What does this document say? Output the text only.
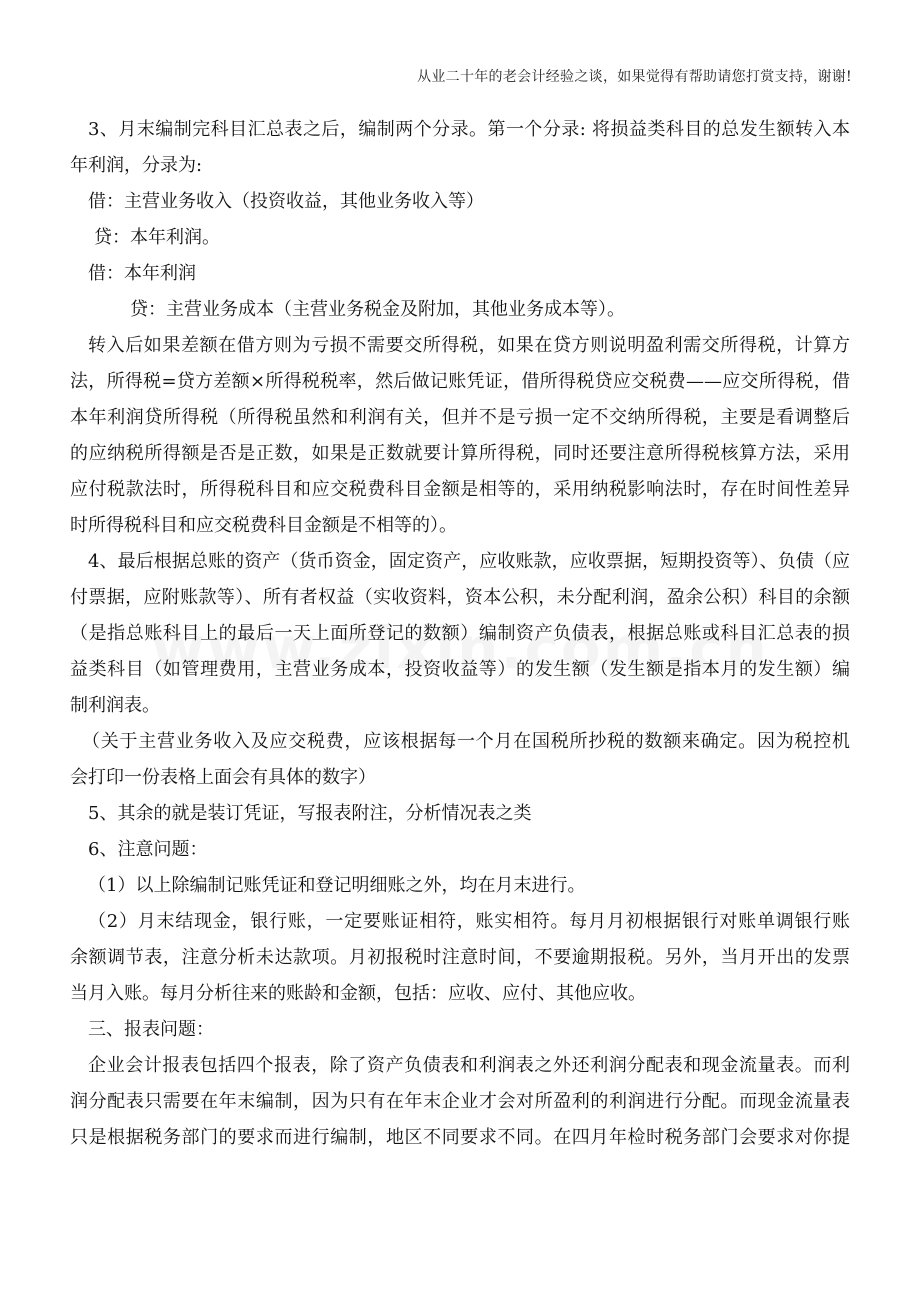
从业二十年的老会计经验之谈，如果觉得有帮助请您打赏支持，谢谢!
3、月末编制完科目汇总表之后，编制两个分录。第一个分录: 将损益类科目的总发生额转入本
年利润，分录为:
借：主营业务收入（投资收益，其他业务收入等）
贷：本年利润。
借：本年利润
贷：主营业务成本（主营业务税金及附加，其他业务成本等）。
转入后如果差额在借方则为亏损不需要交所得税，如果在贷方则说明盈利需交所得税，计算方
法，所得税=贷方差额×所得税税率，然后做记账凭证，借所得税贷应交税费——应交所得税，借
本年利润贷所得税（所得税虽然和利润有关，但并不是亏损一定不交纳所得税，主要是看调整后
的应纳税所得额是否是正数，如果是正数就要计算所得税，同时还要注意所得税核算方法，采用
应付税款法时，所得税科目和应交税费科目金额是相等的，采用纳税影响法时，存在时间性差异
时所得税科目和应交税费科目金额是不相等的）。
4、最后根据总账的资产（货币资金，固定资产，应收账款，应收票据，短期投资等）、负债（应
付票据，应附账款等）、所有者权益（实收资料，资本公积，未分配利润，盈余公积）科目的余额
（是指总账科目上的最后一天上面所登记的数额）编制资产负债表，根据总账或科目汇总表的损
益类科目（如管理费用，主营业务成本，投资收益等）的发生额（发生额是指本月的发生额）编
制利润表。
（关于主营业务收入及应交税费，应该根据每一个月在国税所抄税的数额来确定。因为税控机
会打印一份表格上面会有具体的数字）
5、其余的就是装订凭证，写报表附注，分析情况表之类
6、注意问题：
（1）以上除编制记账凭证和登记明细账之外，均在月末进行。
（2）月末结现金，银行账，一定要账证相符，账实相符。每月月初根据银行对账单调银行账
余额调节表，注意分析未达款项。月初报税时注意时间，不要逾期报税。另外，当月开出的发票
当月入账。每月分析往来的账龄和金额，包括：应收、应付、其他应收。
三、报表问题：
企业会计报表包括四个报表，除了资产负债表和利润表之外还利润分配表和现金流量表。而利
润分配表只需要在年末编制，因为只有在年末企业才会对所盈利的利润进行分配。而现金流量表
只是根据税务部门的要求而进行编制，地区不同要求不同。在四月年检时税务部门会要求对你提
